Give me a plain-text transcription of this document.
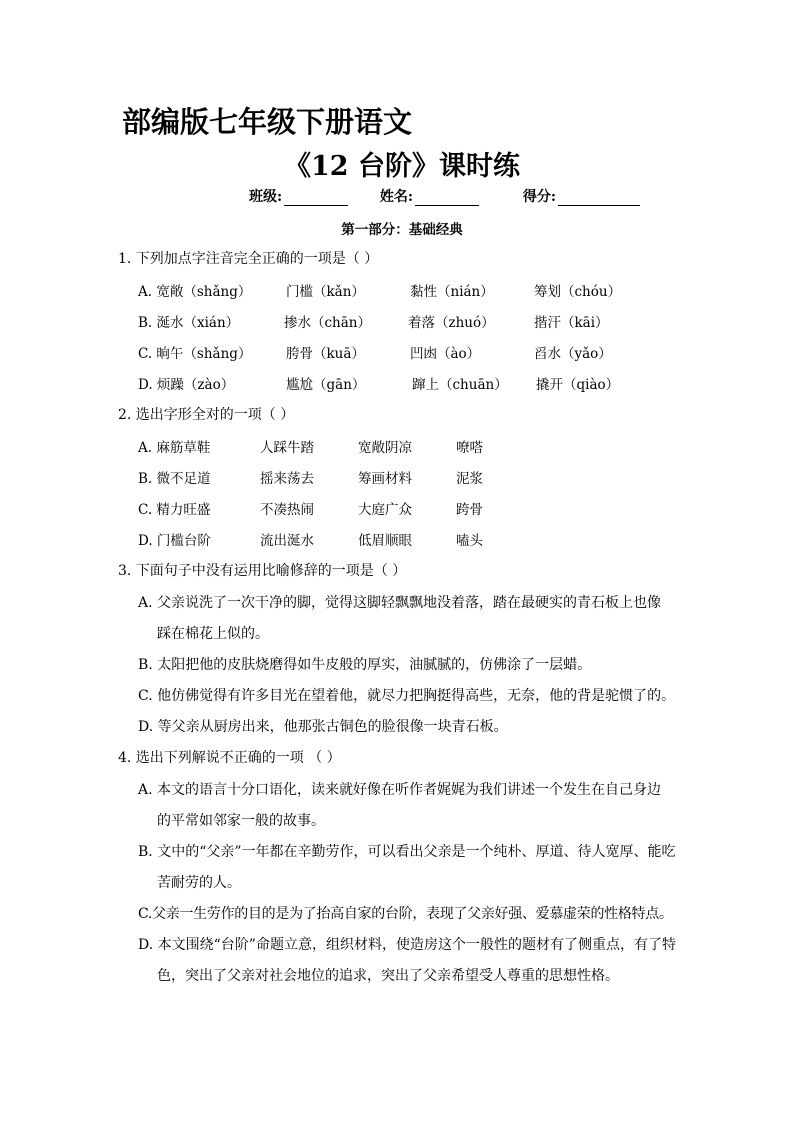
部编版七年级下册语文
《12 台阶》课时练
班级:	姓名:	得分:
第一部分：基础经典
1. 下列加点字注音完全正确的一项是（ ）
A. 宽敞（shǎng）	门槛（kǎn）	黏性（nián）	筹划（chóu）
B. 涎水（xián）	掺水（chān）	着落（zhuó）	揩汗（kāi）
C. 晌午（shǎng）	胯骨（kuā）	凹凼（ào）	舀水（yǎo）
D. 烦躁（zào）	尴尬（gān）	蹿上（chuān） 撬开（qiào）
2. 选出字形全对的一项（ ）
A. 麻筋草鞋	人踩牛踏	宽敞阴凉	嘹嗒
B. 微不足道	摇来荡去	筹画材料	泥浆
C. 精力旺盛	不凑热闹	大庭广众	跨骨
D. 门槛台阶	流出涎水	低眉顺眼	嗑头
3. 下面句子中没有运用比喻修辞的一项是（ ）
A. 父亲说洗了一次干净的脚，觉得这脚轻飘飘地没着落，踏在最硬实的青石板上也像
踩在棉花上似的。
B. 太阳把他的皮肤烧磨得如牛皮般的厚实，油腻腻的，仿佛涂了一层蜡。
C. 他仿佛觉得有许多目光在望着他，就尽力把胸挺得高些，无奈，他的背是驼惯了的。
D. 等父亲从厨房出来，他那张古铜色的脸很像一块青石板。
4. 选出下列解说不正确的一项 （ ）
A. 本文的语言十分口语化，读来就好像在听作者娓娓为我们讲述一个发生在自己身边
的平常如邻家一般的故事。
B. 文中的“父亲”一年都在辛勤劳作，可以看出父亲是一个纯朴、厚道、待人宽厚、能吃
苦耐劳的人。
C.父亲一生劳作的目的是为了抬高自家的台阶，表现了父亲好强、爱慕虚荣的性格特点。
D. 本文围绕“台阶”命题立意，组织材料，使造房这个一般性的题材有了侧重点，有了特
色，突出了父亲对社会地位的追求，突出了父亲希望受人尊重的思想性格。
